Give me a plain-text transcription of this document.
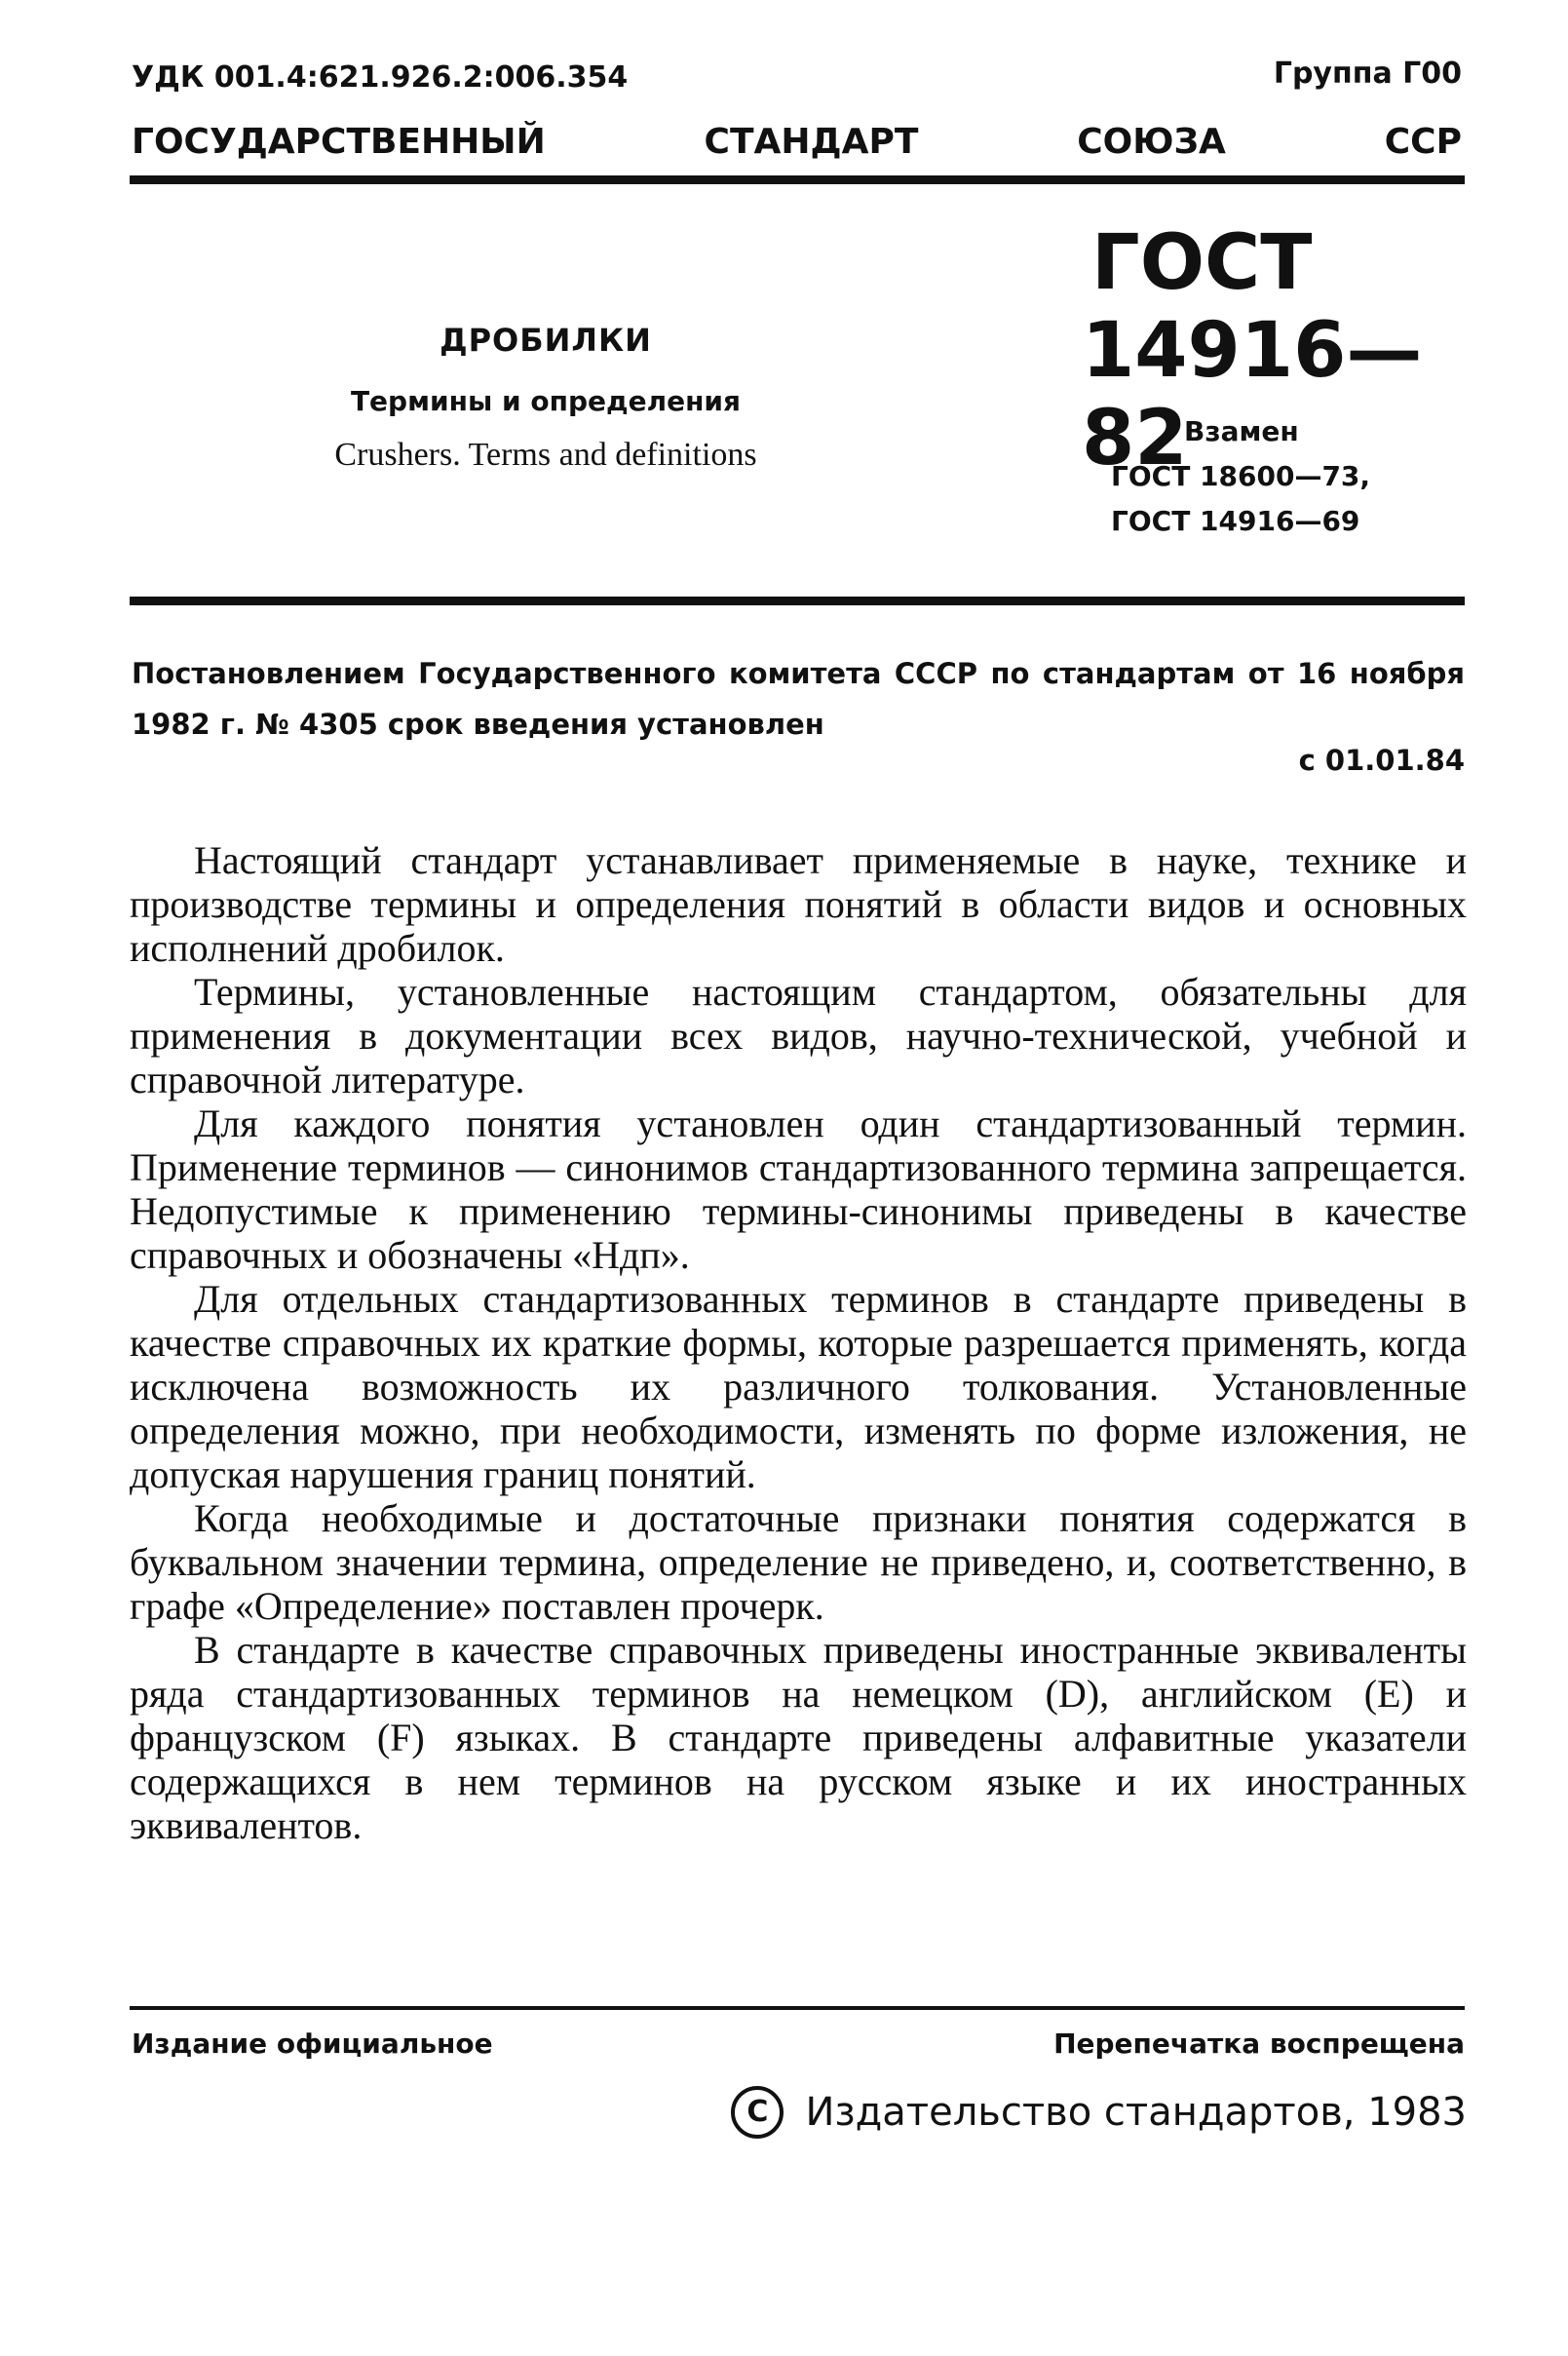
УДК 001.4:621.926.2:006.354	Группа Г00
ГОСУДАРСТВЕННЫЙ	СТАНДАРТ	СОЮЗА	ССР
ДРОБИЛКИ
Термины и определения
Crushers. Terms and definitions
ГОСТ
14916—82
Взамен
ГОСТ 18600—73,
ГОСТ 14916—69
Постановлением Государственного комитета СССР по стандартам от 16 ноября 1982 г. № 4305 срок введения установлен
с 01.01.84

Настоящий стандарт устанавливает применяемые в науке, технике и производстве термины и определения понятий в области видов и основных исполнений дробилок.

Термины, установленные настоящим стандартом, обязательны для применения в документации всех видов, научно-технической, учебной и справочной литературе.

Для каждого понятия установлен один стандартизованный термин. Применение терминов — синонимов стандартизованного термина запрещается. Недопустимые к применению термины-синонимы приведены в качестве справочных и обозначены «Ндп».

Для отдельных стандартизованных терминов в стандарте приведены в качестве справочных их краткие формы, которые разрешается применять, когда исключена возможность их различного толкования. Установленные определения можно, при необходимости, изменять по форме изложения, не допуская нарушения границ понятий.

Когда необходимые и достаточные признаки понятия содержатся в буквальном значении термина, определение не приведено, и, соответственно, в графе «Определение» поставлен прочерк.

В стандарте в качестве справочных приведены иностранные эквиваленты ряда стандартизованных терминов на немецком (D), английском (E) и французском (F) языках. В стандарте приведены алфавитные указатели содержащихся в нем терминов на русском языке и их иностранных эквивалентов.

Издание официальное	Перепечатка воспрещена
C Издательство стандартов, 1983
